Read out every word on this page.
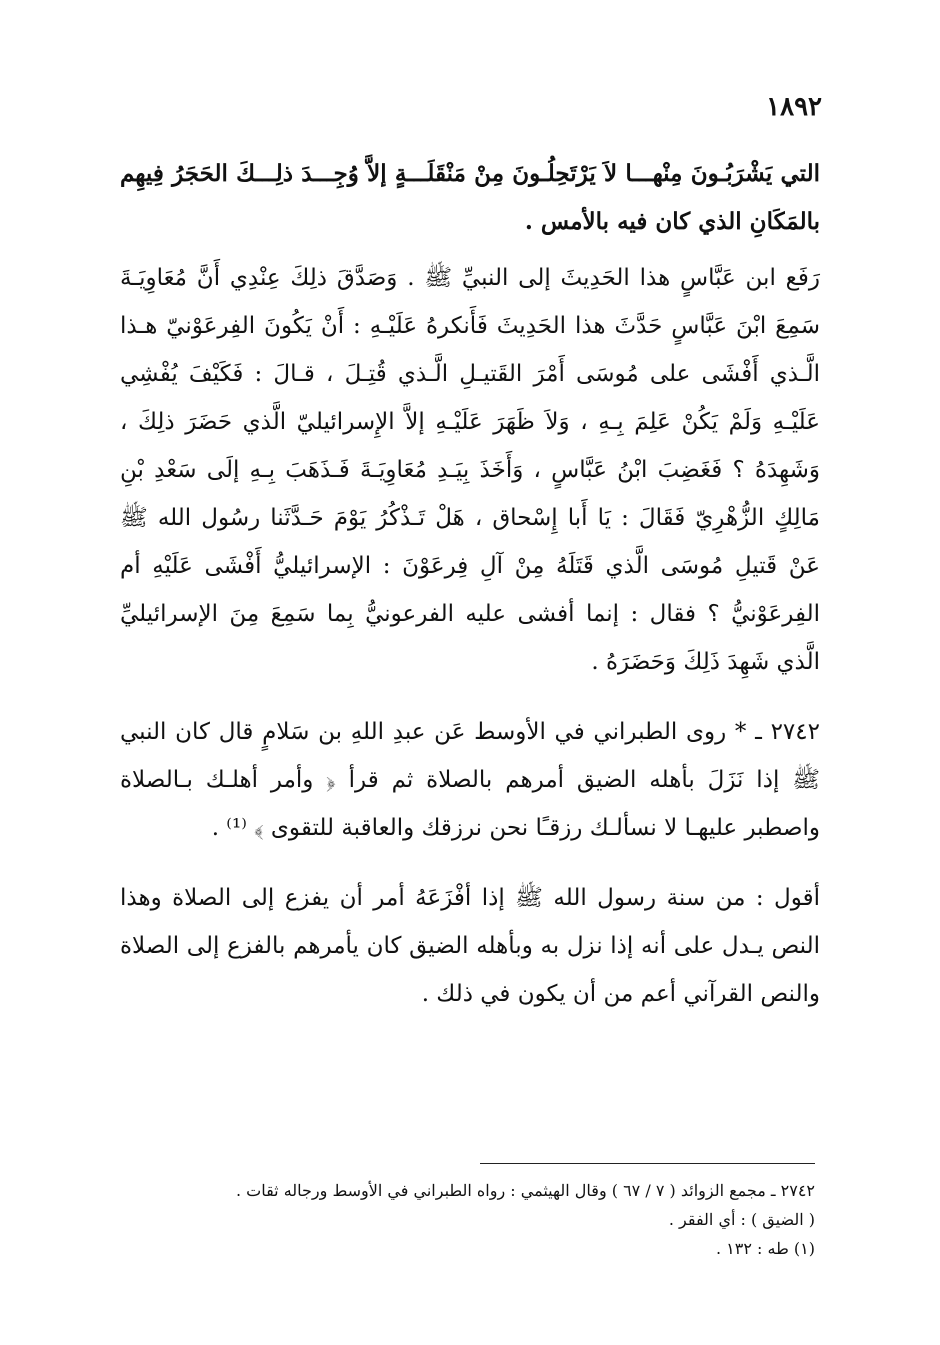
١٨٩٢

التي يَشْرَبُـونَ مِنْهـــا لاَ يَرْتَحِلُـونَ مِنْ مَنْقَلَـــةٍ إلاَّ وُجِـــدَ ذلِـــكَ الحَجَرُ فِيهِم بالمَكَانِ الذي كان فيه بالأمس .

رَفَع ابن عَبَّاسٍ هذا الحَدِيثَ إلى النبيِّ ﷺ . وَصَدَّقَ ذلِكَ عِنْدِي أَنَّ مُعَاوِيَـةَ سَمِعَ ابْنَ عَبَّاسٍ حَدَّثَ هذا الحَدِيثَ فَأَنكرهُ عَلَيْـهِ : أَنْ يَكُونَ الفِرعَوْنيّ هـذا الَّـذي أَفْشَى على مُوسَى أَمْرَ القَتيـلِ الَّـذي قُتِـلَ ، قـالَ : فَكَيْفَ يُفْشِي عَلَيْـهِ وَلَمْ يَكُنْ عَلِمَ بِـهِ ، وَلاَ ظَهَرَ عَلَيْـهِ إلاَّ الإِسرائيليّ الَّذي حَضَرَ ذلِكَ ، وَشَهِدَهُ ؟ فَغَضِبَ ابْنُ عَبَّاسٍ ، وَأَخَذَ بِيَـدِ مُعَاوِيَـةَ فَـذَهَبَ بِـهِ إلَى سَعْدِ بْنِ مَالِكٍ الزُّهْرِيّ فَقَالَ : يَا أَبا إِسْحاق ، هَلْ تَـذْكُرُ يَوْمَ حَـدَّثَنا رسُول الله ﷺ عَنْ قَتيلِ مُوسَى الَّذي قَتَلَهُ مِنْ آلِ فِرعَوْنَ : الإسرائيليُّ أَفْشَى عَلَيْهِ أم الفِرعَوْنيُّ ؟ فقال : إنما أفشى عليه الفرعونيُّ بِما سَمِعَ مِنَ الإسرائيليِّ الَّذي شَهِدَ ذَلِكَ وَحَضَرَهُ .

٢٧٤٢ ـ * روى الطبراني في الأوسط عَن عبدِ اللهِ بن سَلامٍ قال كان النبي ﷺ إذا نَزَلَ بأهله الضيق أمرهم بالصلاة ثم قرأ ﴿ وأمر أهلـك بـالصلاة واصطبر عليهـا لا نسألـك رزقـًا نحن نرزقك والعاقبة للتقوى ﴾ ⁽¹⁾ .

أقول : من سنة رسول الله ﷺ إذا أفْزَعَهُ أمر أن يفزع إلى الصلاة وهذا النص يـدل على أنه إذا نزل به وبأهله الضيق كان يأمرهم بالفزع إلى الصلاة والنص القرآني أعم من أن يكون في ذلك .

٢٧٤٢ ـ مجمع الزوائد ( ٧ / ٦٧ ) وقال الهيثمي : رواه الطبراني في الأوسط ورجاله ثقات .

( الضيق ) : أي الفقر .

(١) طه : ١٣٢ .
